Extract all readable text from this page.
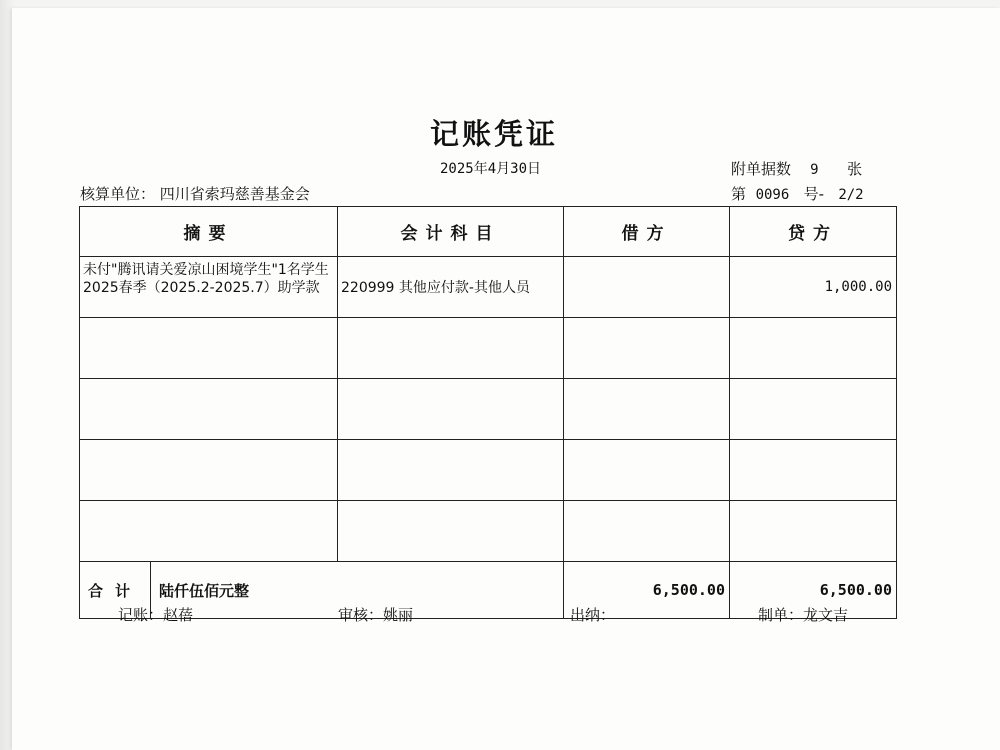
记账凭证
2025年4月30日	附单据数 9 张
核算单位： 四川省索玛慈善基金会	第 0096 号- 2/2
摘要	会计科目	借方	贷方
未付"腾讯请关爱凉山困境学生"1名学生2025春季（2025.2-2025.7）助学款	220999 其他应付款-其他人员		1,000.00

合计 陆仟伍佰元整		6,500.00	6,500.00
记账：赵蓓	审核：姚丽	出纳：	制单：龙文吉
